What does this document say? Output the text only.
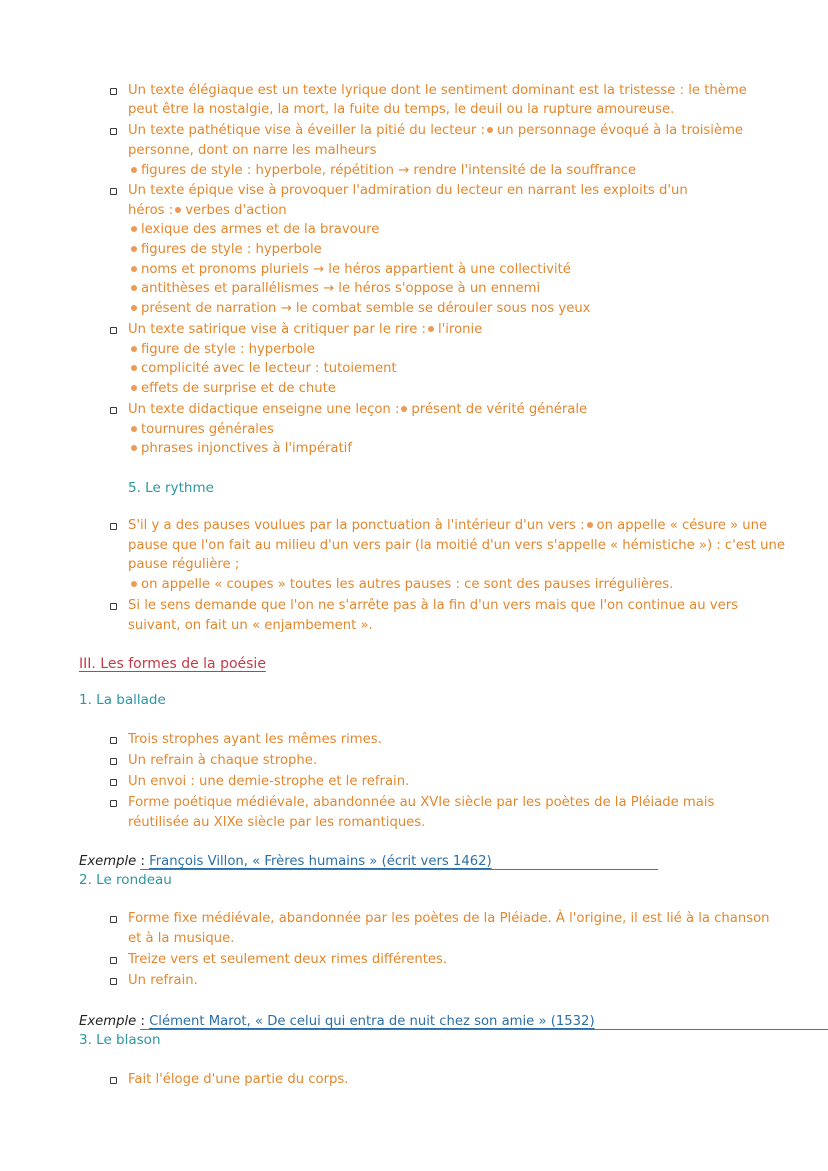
Un texte élégiaque est un texte lyrique dont le sentiment dominant est la tristesse : le thème
peut être la nostalgie, la mort, la fuite du temps, le deuil ou la rupture amoureuse.
Un texte pathétique vise à éveiller la pitié du lecteur : un personnage évoqué à la troisième
personne, dont on narre les malheurs
figures de style : hyperbole, répétition → rendre l'intensité de la souffrance
Un texte épique vise à provoquer l'admiration du lecteur en narrant les exploits d'un
héros : verbes d'action
lexique des armes et de la bravoure
figures de style : hyperbole
noms et pronoms pluriels → le héros appartient à une collectivité
antithèses et parallélismes → le héros s'oppose à un ennemi
présent de narration → le combat semble se dérouler sous nos yeux
Un texte satirique vise à critiquer par le rire : l'ironie
figure de style : hyperbole
complicité avec le lecteur : tutoiement
effets de surprise et de chute
Un texte didactique enseigne une leçon : présent de vérité générale
tournures générales
phrases injonctives à l'impératif
5. Le rythme
S'il y a des pauses voulues par la ponctuation à l'intérieur d'un vers : on appelle « césure » une
pause que l'on fait au milieu d'un vers pair (la moitié d'un vers s'appelle « hémistiche ») : c'est une
pause régulière ;
on appelle « coupes » toutes les autres pauses : ce sont des pauses irrégulières.
Si le sens demande que l'on ne s'arrête pas à la fin d'un vers mais que l'on continue au vers
suivant, on fait un « enjambement ».
III. Les formes de la poésie
1. La ballade
Trois strophes ayant les mêmes rimes.
Un refrain à chaque strophe.
Un envoi : une demie-strophe et le refrain.
Forme poétique médiévale, abandonnée au XVIe siècle par les poètes de la Pléiade mais
réutilisée au XIXe siècle par les romantiques.
Exemple : François Villon, « Frères humains » (écrit vers 1462)
2. Le rondeau
Forme fixe médiévale, abandonnée par les poètes de la Pléiade. À l'origine, il est lié à la chanson
et à la musique.
Treize vers et seulement deux rimes différentes.
Un refrain.
Exemple : Clément Marot, « De celui qui entra de nuit chez son amie » (1532)
3. Le blason
Fait l'éloge d'une partie du corps.
